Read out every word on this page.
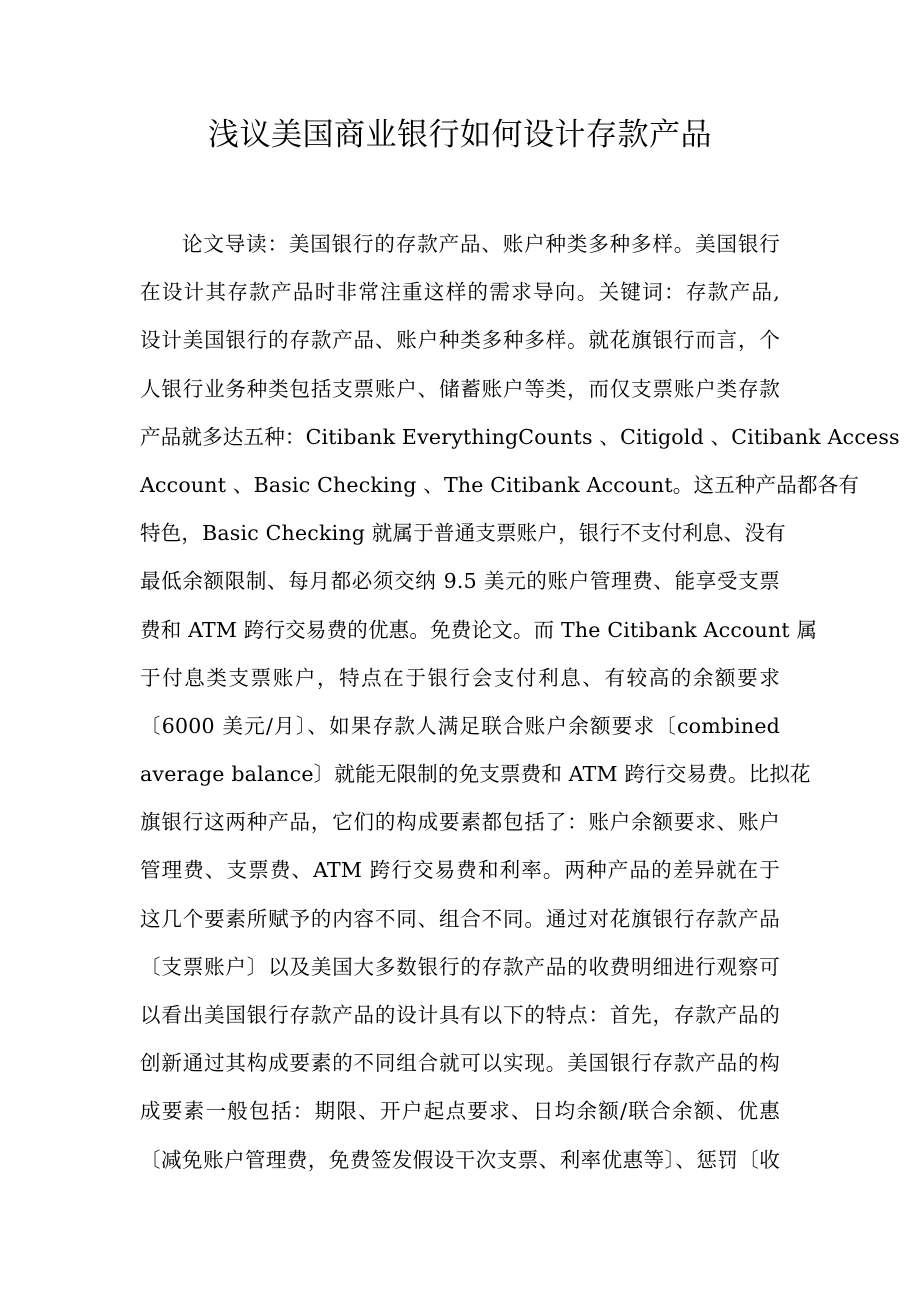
浅议美国商业银行如何设计存款产品
论文导读：美国银行的存款产品、账户种类多种多样。美国银行
在设计其存款产品时非常注重这样的需求导向。关键词：存款产品,
设计美国银行的存款产品、账户种类多种多样。就花旗银行而言，个
人银行业务种类包括支票账户、储蓄账户等类，而仅支票账户类存款
产品就多达五种：Citibank EverythingCounts 、Citigold 、Citibank Access
Account 、Basic Checking 、The Citibank Account。这五种产品都各有
特色，Basic Checking 就属于普通支票账户，银行不支付利息、没有
最低余额限制、每月都必须交纳 9.5 美元的账户管理费、能享受支票
费和 ATM 跨行交易费的优惠。免费论文。而 The Citibank Account 属
于付息类支票账户，特点在于银行会支付利息、有较高的余额要求
〔6000 美元/月〕、如果存款人满足联合账户余额要求〔combined
average balance〕就能无限制的免支票费和 ATM 跨行交易费。比拟花
旗银行这两种产品，它们的构成要素都包括了：账户余额要求、账户
管理费、支票费、ATM 跨行交易费和利率。两种产品的差异就在于
这几个要素所赋予的内容不同、组合不同。通过对花旗银行存款产品
〔支票账户〕以及美国大多数银行的存款产品的收费明细进行观察可
以看出美国银行存款产品的设计具有以下的特点：首先，存款产品的
创新通过其构成要素的不同组合就可以实现。美国银行存款产品的构
成要素一般包括：期限、开户起点要求、日均余额/联合余额、优惠
〔减免账户管理费，免费签发假设干次支票、利率优惠等〕、惩罚〔收
